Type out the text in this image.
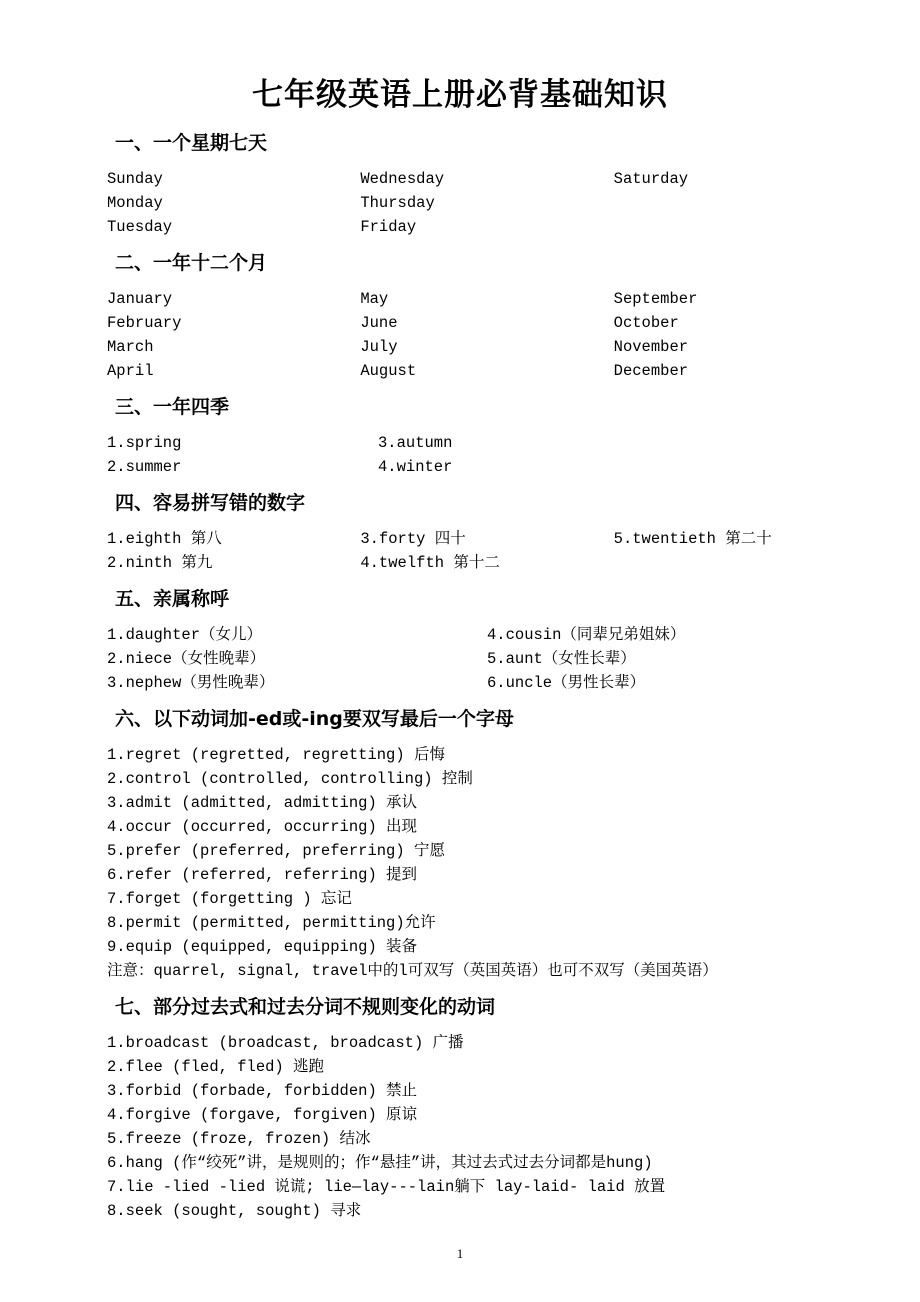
七年级英语上册必背基础知识
一、一个星期七天
Sunday
Monday
Tuesday
Wednesday
Thursday
Friday
Saturday
二、一年十二个月
January
February
March
April
May
June
July
August
September
October
November
December
三、一年四季
1.spring
2.summer
3.autumn
4.winter
四、容易拼写错的数字
1.eighth 第八
2.ninth 第九
3.forty 四十
4.twelfth 第十二
5.twentieth 第二十
五、亲属称呼
1.daughter（女儿）
2.niece（女性晚辈）
3.nephew（男性晚辈）
4.cousin（同辈兄弟姐妹）
5.aunt（女性长辈）
6.uncle（男性长辈）
六、以下动词加-ed或-ing要双写最后一个字母
1.regret (regretted, regretting) 后悔
2.control (controlled, controlling) 控制
3.admit (admitted, admitting) 承认
4.occur (occurred, occurring) 出现
5.prefer (preferred, preferring) 宁愿
6.refer (referred, referring) 提到
7.forget (forgetting ) 忘记
8.permit (permitted, permitting)允许
9.equip (equipped, equipping) 装备
注意：quarrel, signal, travel中的l可双写（英国英语）也可不双写（美国英语）
七、部分过去式和过去分词不规则变化的动词
1.broadcast (broadcast, broadcast) 广播
2.flee (fled, fled) 逃跑
3.forbid (forbade, forbidden) 禁止
4.forgive (forgave, forgiven) 原谅
5.freeze (froze, frozen) 结冰
6.hang (作“绞死”讲，是规则的；作“悬挂”讲，其过去式过去分词都是hung)
7.lie -lied -lied 说谎; lie—lay---lain躺下 lay-laid- laid 放置
8.seek (sought, sought) 寻求
1
